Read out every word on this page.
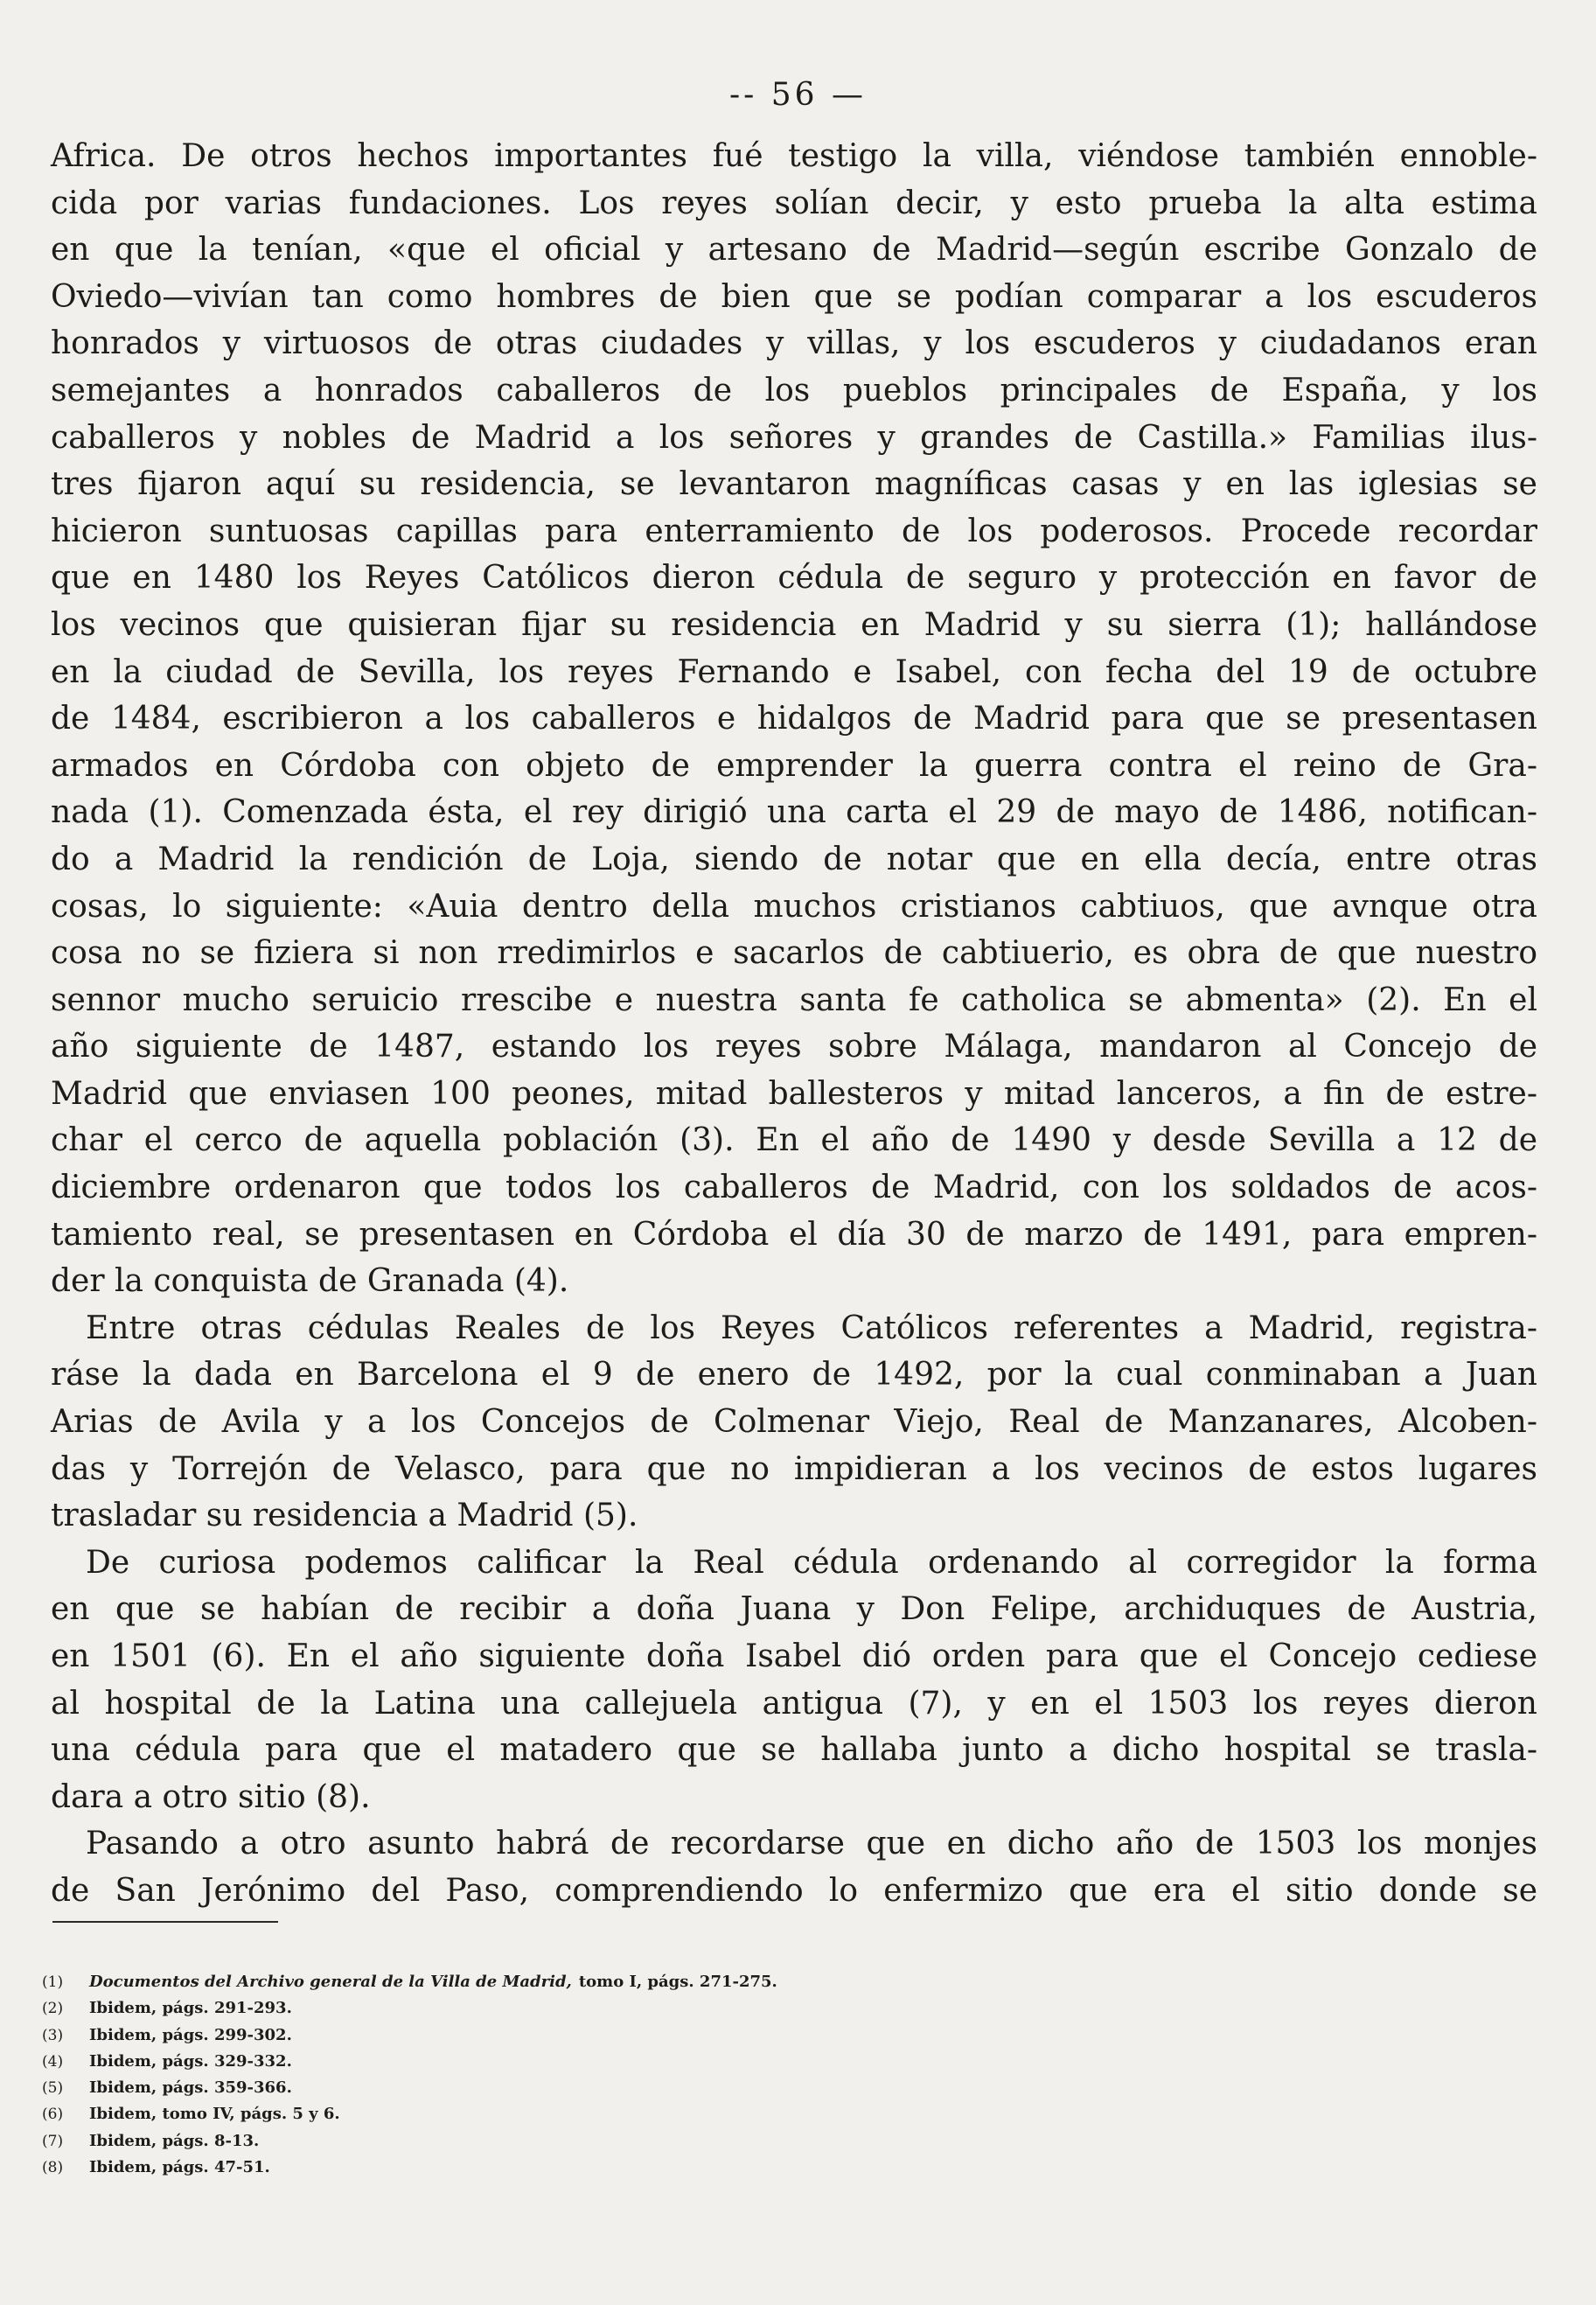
-- 56 —
Africa. De otros hechos importantes fué testigo la villa, viéndose también ennoble-
cida por varias fundaciones. Los reyes solían decir, y esto prueba la alta estima
en que la tenían, «que el oficial y artesano de Madrid—según escribe Gonzalo de
Oviedo—vivían tan como hombres de bien que se podían comparar a los escuderos
honrados y virtuosos de otras ciudades y villas, y los escuderos y ciudadanos eran
semejantes a honrados caballeros de los pueblos principales de España, y los
caballeros y nobles de Madrid a los señores y grandes de Castilla.» Familias ilus-
tres fijaron aquí su residencia, se levantaron magníficas casas y en las iglesias se
hicieron suntuosas capillas para enterramiento de los poderosos. Procede recordar
que en 1480 los Reyes Católicos dieron cédula de seguro y protección en favor de
los vecinos que quisieran fijar su residencia en Madrid y su sierra (1); hallándose
en la ciudad de Sevilla, los reyes Fernando e Isabel, con fecha del 19 de octubre
de 1484, escribieron a los caballeros e hidalgos de Madrid para que se presentasen
armados en Córdoba con objeto de emprender la guerra contra el reino de Gra-
nada (1). Comenzada ésta, el rey dirigió una carta el 29 de mayo de 1486, notifican-
do a Madrid la rendición de Loja, siendo de notar que en ella decía, entre otras
cosas, lo siguiente: «Auia dentro della muchos cristianos cabtiuos, que avnque otra
cosa no se fiziera si non rredimirlos e sacarlos de cabtiuerio, es obra de que nuestro
sennor mucho seruicio rrescibe e nuestra santa fe catholica se abmenta» (2). En el
año siguiente de 1487, estando los reyes sobre Málaga, mandaron al Concejo de
Madrid que enviasen 100 peones, mitad ballesteros y mitad lanceros, a fin de estre-
char el cerco de aquella población (3). En el año de 1490 y desde Sevilla a 12 de
diciembre ordenaron que todos los caballeros de Madrid, con los soldados de acos-
tamiento real, se presentasen en Córdoba el día 30 de marzo de 1491, para empren-
der la conquista de Granada (4).
Entre otras cédulas Reales de los Reyes Católicos referentes a Madrid, registra-
ráse la dada en Barcelona el 9 de enero de 1492, por la cual conminaban a Juan
Arias de Avila y a los Concejos de Colmenar Viejo, Real de Manzanares, Alcoben-
das y Torrejón de Velasco, para que no impidieran a los vecinos de estos lugares
trasladar su residencia a Madrid (5).
De curiosa podemos calificar la Real cédula ordenando al corregidor la forma
en que se habían de recibir a doña Juana y Don Felipe, archiduques de Austria,
en 1501 (6). En el año siguiente doña Isabel dió orden para que el Concejo cediese
al hospital de la Latina una callejuela antigua (7), y en el 1503 los reyes dieron
una cédula para que el matadero que se hallaba junto a dicho hospital se trasla-
dara a otro sitio (8).
Pasando a otro asunto habrá de recordarse que en dicho año de 1503 los monjes
de San Jerónimo del Paso, comprendiendo lo enfermizo que era el sitio donde se
(1)	Documentos del Archivo general de la Villa de Madrid, tomo I, págs. 271-275.
(2)	Ibidem, págs. 291-293.
(3)	Ibidem, págs. 299-302.
(4)	Ibidem, págs. 329-332.
(5)	Ibidem, págs. 359-366.
(6)	Ibidem, tomo IV, págs. 5 y 6.
(7)	Ibidem, págs. 8-13.
(8)	Ibidem, págs. 47-51.
